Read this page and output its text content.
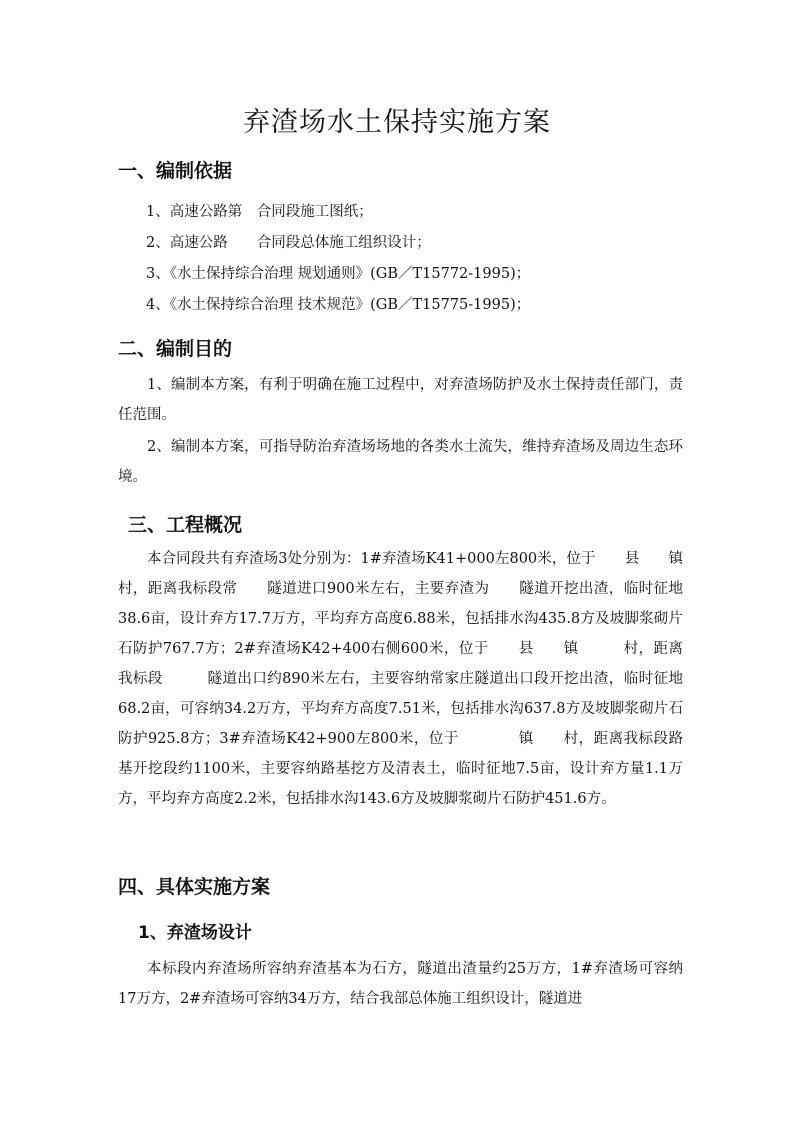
弃渣场水土保持实施方案
一、编制依据
1、高速公路第　合同段施工图纸；
2、高速公路　　合同段总体施工组织设计；
3、《水土保持综合治理 规划通则》(GB／T15772-1995)；
4、《水土保持综合治理 技术规范》(GB／T15775-1995)；
二、编制目的
1、编制本方案，有利于明确在施工过程中，对弃渣场防护及水土保持责任部门，责任范围。
2、编制本方案，可指导防治弃渣场场地的各类水土流失，维持弃渣场及周边生态环境。
三、工程概况
本合同段共有弃渣场3处分别为：1#弃渣场K41+000左800米，位于　　县　　镇　　　村，距离我标段常　　隧道进口900米左右，主要弃渣为　　隧道开挖出渣，临时征地38.6亩，设计弃方17.7万方，平均弃方高度6.88米，包括排水沟435.8方及坡脚浆砌片石防护767.7方；2#弃渣场K42+400右侧600米，位于　　县　　镇　　　村，距离我标段　　　隧道出口约890米左右，主要容纳常家庄隧道出口段开挖出渣，临时征地68.2亩，可容纳34.2万方，平均弃方高度7.51米，包括排水沟637.8方及坡脚浆砌片石防护925.8方；3#弃渣场K42+900左800米，位于　　　　镇　　村，距离我标段路基开挖段约1100米，主要容纳路基挖方及清表土，临时征地7.5亩，设计弃方量1.1万方，平均弃方高度2.2米，包括排水沟143.6方及坡脚浆砌片石防护451.6方。
四、具体实施方案
1、弃渣场设计
本标段内弃渣场所容纳弃渣基本为石方，隧道出渣量约25万方，1#弃渣场可容纳17万方，2#弃渣场可容纳34万方，结合我部总体施工组织设计，隧道进
